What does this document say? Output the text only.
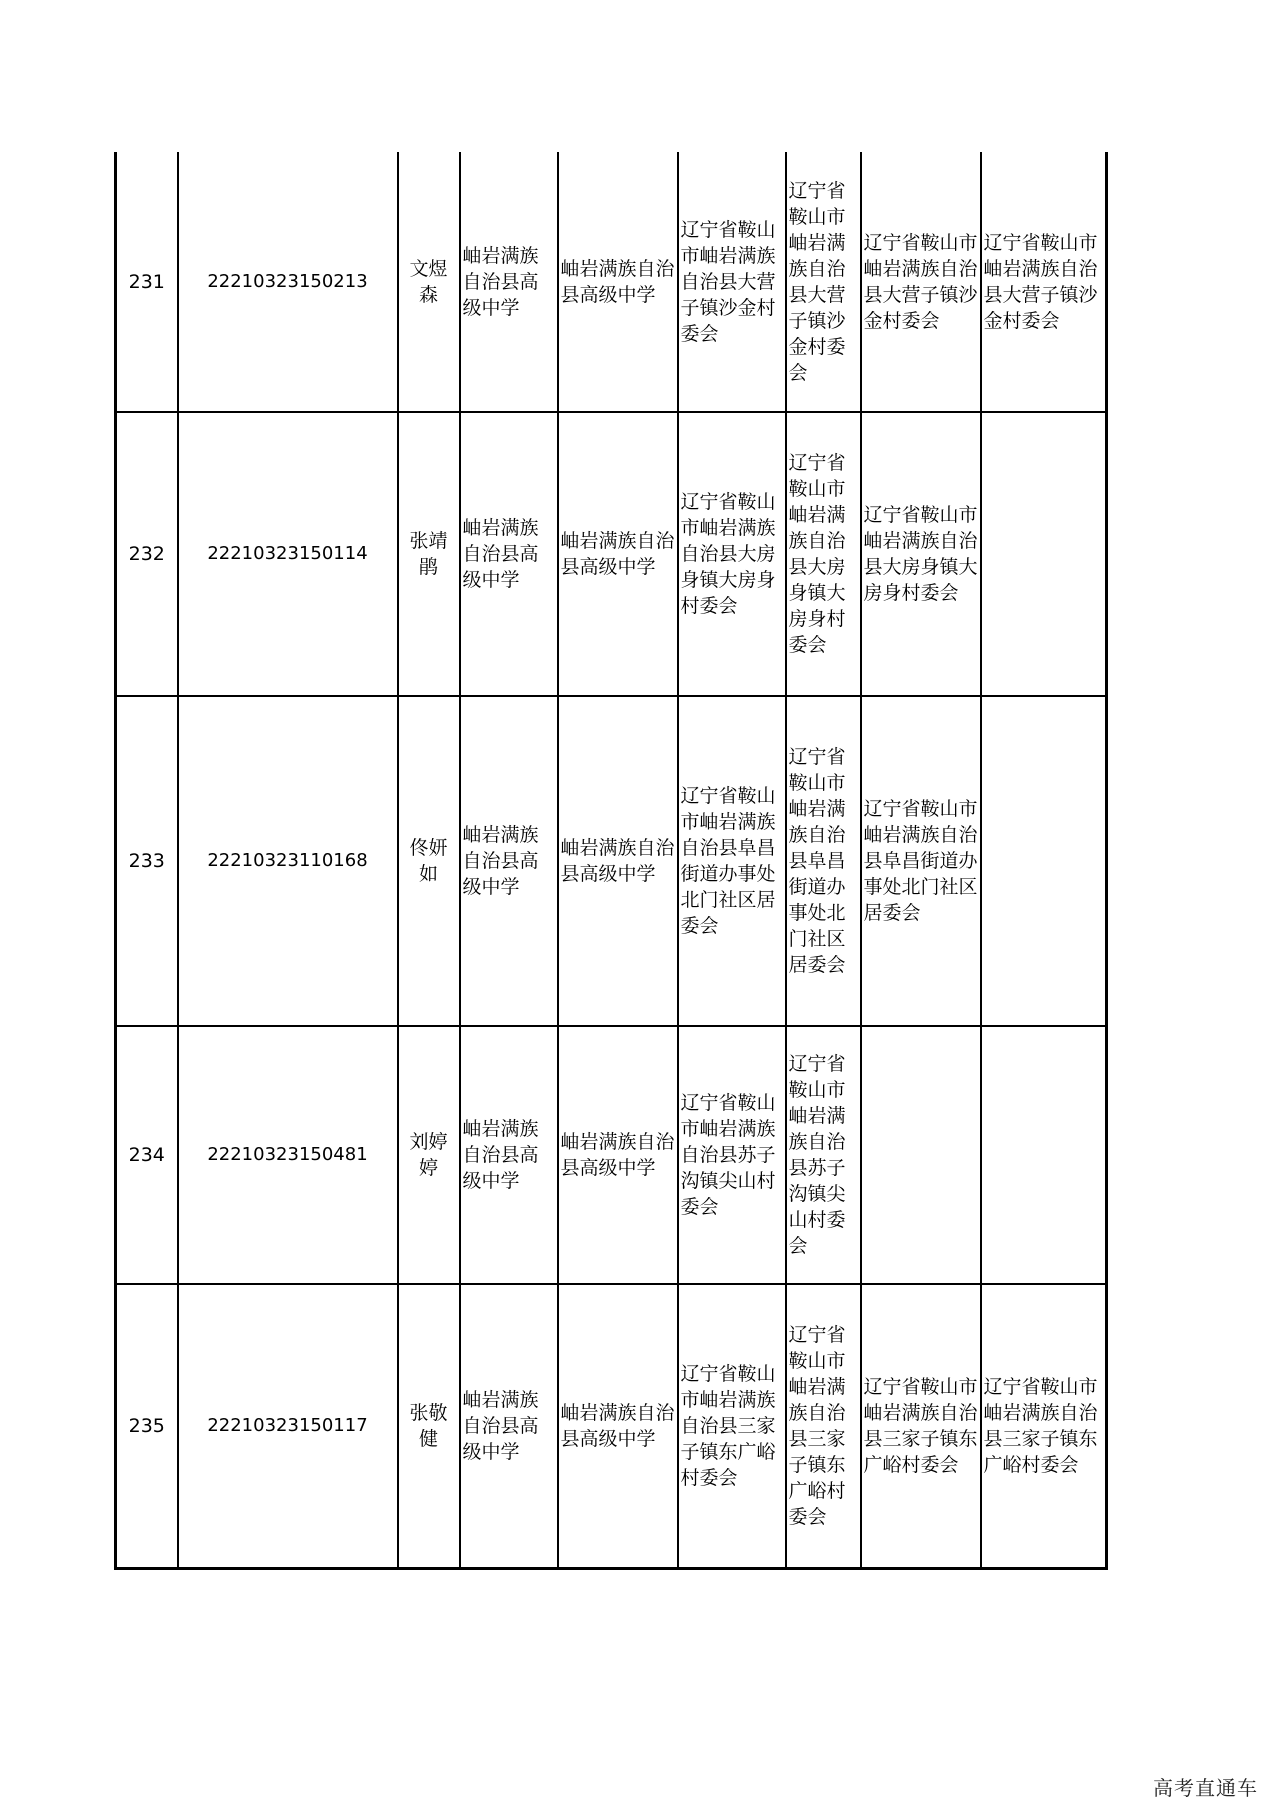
231	22210323150213	文煜森	岫岩满族自治县高级中学	岫岩满族自治县高级中学	辽宁省鞍山市岫岩满族自治县大营子镇沙金村委会	辽宁省鞍山市岫岩满族自治县大营子镇沙金村委会	辽宁省鞍山市岫岩满族自治县大营子镇沙金村委会	辽宁省鞍山市岫岩满族自治县大营子镇沙金村委会
232	22210323150114	张靖鹃	岫岩满族自治县高级中学	岫岩满族自治县高级中学	辽宁省鞍山市岫岩满族自治县大房身镇大房身村委会	辽宁省鞍山市岫岩满族自治县大房身镇大房身村委会	辽宁省鞍山市岫岩满族自治县大房身镇大房身村委会	
233	22210323110168	佟妍如	岫岩满族自治县高级中学	岫岩满族自治县高级中学	辽宁省鞍山市岫岩满族自治县阜昌街道办事处北门社区居委会	辽宁省鞍山市岫岩满族自治县阜昌街道办事处北门社区居委会	辽宁省鞍山市岫岩满族自治县阜昌街道办事处北门社区居委会	
234	22210323150481	刘婷婷	岫岩满族自治县高级中学	岫岩满族自治县高级中学	辽宁省鞍山市岫岩满族自治县苏子沟镇尖山村委会	辽宁省鞍山市岫岩满族自治县苏子沟镇尖山村委会		
235	22210323150117	张敬健	岫岩满族自治县高级中学	岫岩满族自治县高级中学	辽宁省鞍山市岫岩满族自治县三家子镇东广峪村委会	辽宁省鞍山市岫岩满族自治县三家子镇东广峪村委会	辽宁省鞍山市岫岩满族自治县三家子镇东广峪村委会	辽宁省鞍山市岫岩满族自治县三家子镇东广峪村委会
高考直通车
